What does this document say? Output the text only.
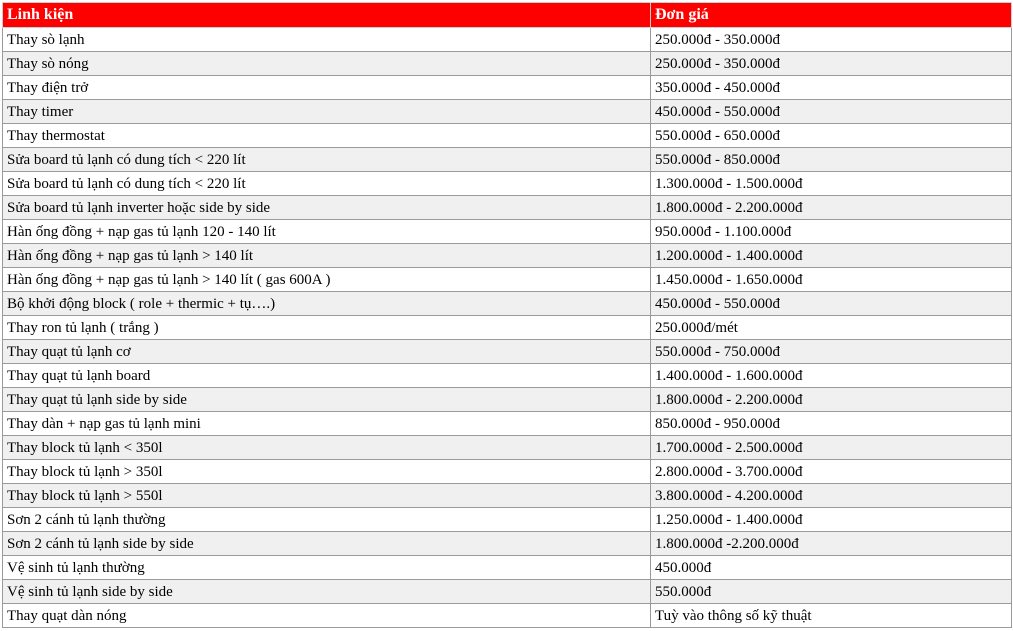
Linh kiện	Đơn giá
Thay sò lạnh	250.000đ - 350.000đ
Thay sò nóng	250.000đ - 350.000đ
Thay điện trở	350.000đ - 450.000đ
Thay timer	450.000đ - 550.000đ
Thay thermostat	550.000đ - 650.000đ
Sửa board tủ lạnh có dung tích < 220 lít	550.000đ - 850.000đ
Sửa board tủ lạnh có dung tích < 220 lít	1.300.000đ - 1.500.000đ
Sửa board tủ lạnh inverter hoặc side by side	1.800.000đ - 2.200.000đ
Hàn ống đồng + nạp gas tủ lạnh 120 - 140 lít	950.000đ - 1.100.000đ
Hàn ống đồng + nạp gas tủ lạnh > 140 lít	1.200.000đ - 1.400.000đ
Hàn ống đồng + nạp gas tủ lạnh > 140 lít ( gas 600A )	1.450.000đ - 1.650.000đ
Bộ khởi động block ( role + thermic + tụ….)	450.000đ - 550.000đ
Thay ron tủ lạnh ( trắng )	250.000đ/mét
Thay quạt tủ lạnh cơ	550.000đ - 750.000đ
Thay quạt tủ lạnh board	1.400.000đ - 1.600.000đ
Thay quạt tủ lạnh side by side	1.800.000đ - 2.200.000đ
Thay dàn + nạp gas tủ lạnh mini	850.000đ - 950.000đ
Thay block tủ lạnh < 350l	1.700.000đ - 2.500.000đ
Thay block tủ lạnh > 350l	2.800.000đ - 3.700.000đ
Thay block tủ lạnh > 550l	3.800.000đ - 4.200.000đ
Sơn 2 cánh tủ lạnh thường	1.250.000đ - 1.400.000đ
Sơn 2 cánh tủ lạnh side by side	1.800.000đ -2.200.000đ
Vệ sinh tủ lạnh thường	450.000đ
Vệ sinh tủ lạnh side by side	550.000đ
Thay quạt dàn nóng	Tuỳ vào thông số kỹ thuật
